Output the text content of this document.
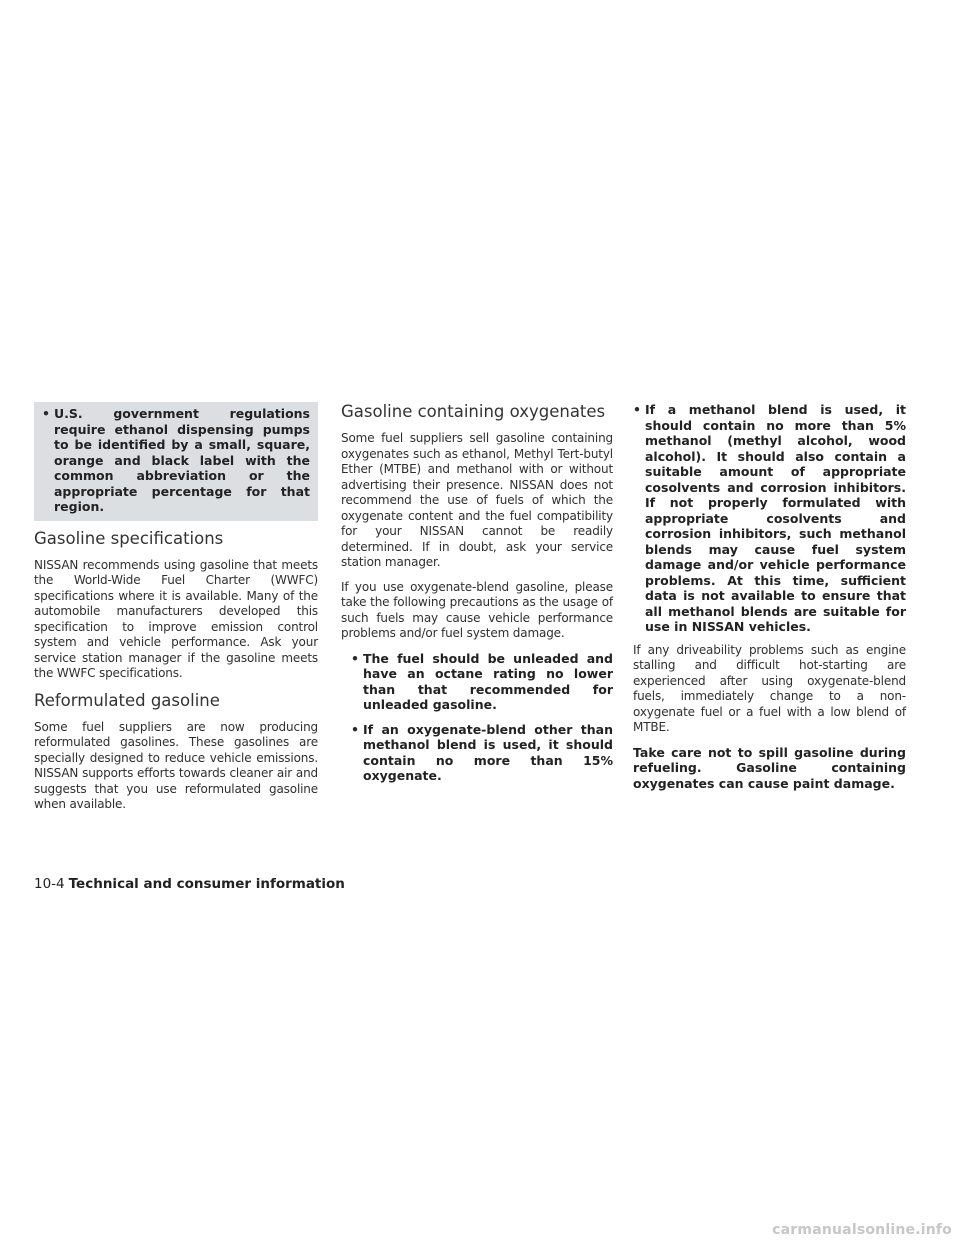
• U.S. government regulations require ethanol dispensing pumps to be identified by a small, square, orange and black label with the common abbreviation or the appropriate percentage for that region.
Gasoline specifications

NISSAN recommends using gasoline that meets the World-Wide Fuel Charter (WWFC) specifications where it is available. Many of the automobile manufacturers developed this specification to improve emission control system and vehicle performance. Ask your service station manager if the gasoline meets the WWFC specifications.

Reformulated gasoline

Some fuel suppliers are now producing reformulated gasolines. These gasolines are specially designed to reduce vehicle emissions. NISSAN supports efforts towards cleaner air and suggests that you use reformulated gasoline when available.

Gasoline containing oxygenates

Some fuel suppliers sell gasoline containing oxygenates such as ethanol, Methyl Tert-butyl Ether (MTBE) and methanol with or without advertising their presence. NISSAN does not recommend the use of fuels of which the oxygenate content and the fuel compatibility for your NISSAN cannot be readily determined. If in doubt, ask your service station manager.

If you use oxygenate-blend gasoline, please take the following precautions as the usage of such fuels may cause vehicle performance problems and/or fuel system damage.

• The fuel should be unleaded and have an octane rating no lower than that recommended for unleaded gasoline.
• If an oxygenate-blend other than methanol blend is used, it should contain no more than 15% oxygenate.
• If a methanol blend is used, it should contain no more than 5% methanol (methyl alcohol, wood alcohol). It should also contain a suitable amount of appropriate cosolvents and corrosion inhibitors. If not properly formulated with appropriate cosolvents and corrosion inhibitors, such methanol blends may cause fuel system damage and/or vehicle performance problems. At this time, sufficient data is not available to ensure that all methanol blends are suitable for use in NISSAN vehicles.

If any driveability problems such as engine stalling and difficult hot-starting are experienced after using oxygenate-blend fuels, immediately change to a non-oxygenate fuel or a fuel with a low blend of MTBE.

Take care not to spill gasoline during refueling. Gasoline containing oxygenates can cause paint damage.

10-4 Technical and consumer information
carmanualsonline.info
